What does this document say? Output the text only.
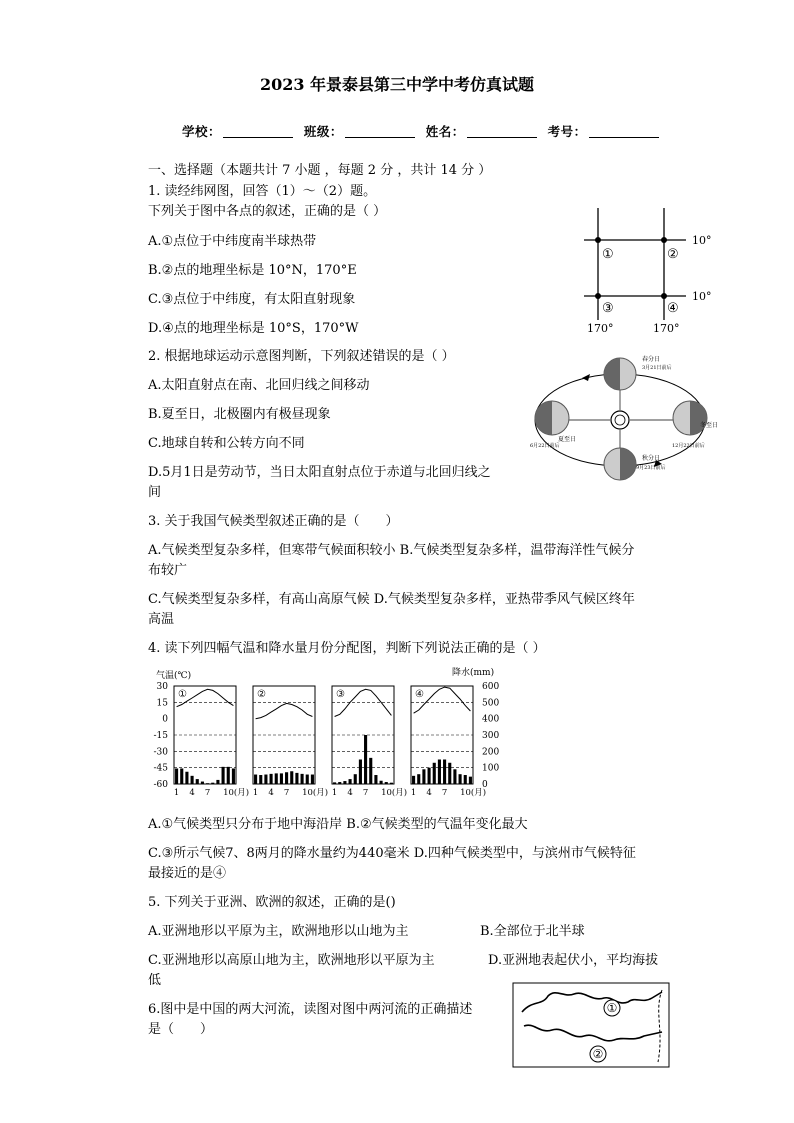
2023 年景泰县第三中学中考仿真试题
学校：	班级：	姓名：	考号：
一、选择题（本题共计 7 小题 ，每题 2 分 ，共计 14 分 ）
1. 读经纬网图，回答（1）～（2）题。
下列关于图中各点的叙述，正确的是（ ）
A.①点位于中纬度南半球热带
B.②点的地理坐标是 10°N，170°E
C.③点位于中纬度，有太阳直射现象
D.④点的地理坐标是 10°S，170°W
①	②
③	④
10°
10°
170°	170°
2. 根据地球运动示意图判断，下列叙述错误的是（ ）
A.太阳直射点在南、北回归线之间移动
B.夏至日，北极圈内有极昼现象
C.地球自转和公转方向不同
D.5月1日是劳动节，当日太阳直射点位于赤道与北回归线之
间
春分日
3月21日前后
夏至日
6月22日前后
冬至日
12月22日前后
秋分日
9月23日前后
3. 关于我国气候类型叙述正确的是（　　）
A.气候类型复杂多样，但寒带气候面积较小 B.气候类型复杂多样，温带海洋性气候分
布较广
C.气候类型复杂多样，有高山高原气候 D.气候类型复杂多样，亚热带季风气候区终年
高温
4. 读下列四幅气温和降水量月份分配图，判断下列说法正确的是（ ）
气温(℃)	降水(mm)
30
15
0
-15
-30
-45
-60
600
500
400
300
200
100
0
①
1 4 7 10(月)
②
1 4 7 10(月)
③
1 4 7 10(月)
④
1 4 7 10(月)
A.①气候类型只分布于地中海沿岸 B.②气候类型的气温年变化最大
C.③所示气候7、8两月的降水量约为440毫米 D.四种气候类型中，与滨州市气候特征
最接近的是④
5. 下列关于亚洲、欧洲的叙述，正确的是()
A.亚洲地形以平原为主，欧洲地形以山地为主	B.全部位于北半球
C.亚洲地形以高原山地为主，欧洲地形以平原为主	D.亚洲地表起伏小，平均海拔
低
6.图中是中国的两大河流，读图对图中两河流的正确描述
是（　　）
①
②
